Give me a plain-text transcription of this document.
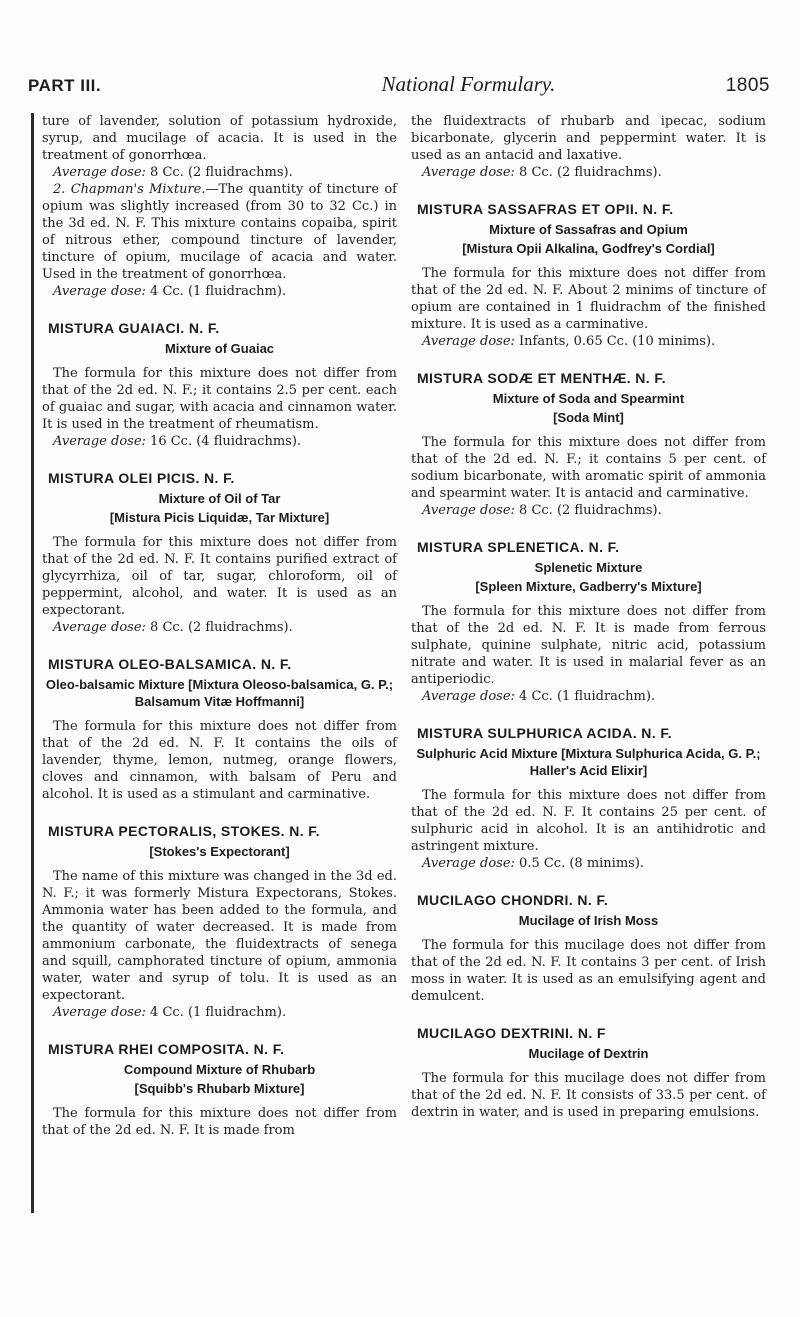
PART III.	National Formulary.	1805

ture of lavender, solution of potassium hydroxide, syrup, and mucilage of acacia. It is used in the treatment of gonorrhœa.

Average dose: 8 Cc. (2 fluidrachms).

2. Chapman's Mixture.—The quantity of tincture of opium was slightly increased (from 30 to 32 Cc.) in the 3d ed. N. F. This mixture contains copaiba, spirit of nitrous ether, compound tincture of lavender, tincture of opium, mucilage of acacia and water. Used in the treatment of gonorrhœa.

Average dose: 4 Cc. (1 fluidrachm).
MISTURA GUAIACI. N. F.
Mixture of Guaiac

The formula for this mixture does not differ from that of the 2d ed. N. F.; it contains 2.5 per cent. each of guaiac and sugar, with acacia and cinnamon water. It is used in the treatment of rheumatism.

Average dose: 16 Cc. (4 fluidrachms).
MISTURA OLEI PICIS. N. F.
Mixture of Oil of Tar
[Mistura Picis Liquidæ, Tar Mixture]

The formula for this mixture does not differ from that of the 2d ed. N. F. It contains purified extract of glycyrrhiza, oil of tar, sugar, chloroform, oil of peppermint, alcohol, and water. It is used as an expectorant.

Average dose: 8 Cc. (2 fluidrachms).
MISTURA OLEO-BALSAMICA. N. F.
Oleo-balsamic Mixture [Mixtura Oleoso-balsamica, G. P.; Balsamum Vitæ Hoffmanni]

The formula for this mixture does not differ from that of the 2d ed. N. F. It contains the oils of lavender, thyme, lemon, nutmeg, orange flowers, cloves and cinnamon, with balsam of Peru and alcohol. It is used as a stimulant and carminative.

MISTURA PECTORALIS, STOKES. N. F.
[Stokes's Expectorant]

The name of this mixture was changed in the 3d ed. N. F.; it was formerly Mistura Expectorans, Stokes. Ammonia water has been added to the formula, and the quantity of water decreased. It is made from ammonium carbonate, the fluidextracts of senega and squill, camphorated tincture of opium, ammonia water, water and syrup of tolu. It is used as an expectorant.

Average dose: 4 Cc. (1 fluidrachm).
MISTURA RHEI COMPOSITA. N. F.
Compound Mixture of Rhubarb
[Squibb's Rhubarb Mixture]

The formula for this mixture does not differ from that of the 2d ed. N. F. It is made from

the fluidextracts of rhubarb and ipecac, sodium bicarbonate, glycerin and peppermint water. It is used as an antacid and laxative.

Average dose: 8 Cc. (2 fluidrachms).
MISTURA SASSAFRAS ET OPII. N. F.
Mixture of Sassafras and Opium
[Mistura Opii Alkalina, Godfrey's Cordial]

The formula for this mixture does not differ from that of the 2d ed. N. F. About 2 minims of tincture of opium are contained in 1 fluidrachm of the finished mixture. It is used as a carminative.

Average dose: Infants, 0.65 Cc. (10 minims).
MISTURA SODÆ ET MENTHÆ. N. F.
Mixture of Soda and Spearmint
[Soda Mint]

The formula for this mixture does not differ from that of the 2d ed. N. F.; it contains 5 per cent. of sodium bicarbonate, with aromatic spirit of ammonia and spearmint water. It is antacid and carminative.

Average dose: 8 Cc. (2 fluidrachms).
MISTURA SPLENETICA. N. F.
Splenetic Mixture
[Spleen Mixture, Gadberry's Mixture]

The formula for this mixture does not differ from that of the 2d ed. N. F. It is made from ferrous sulphate, quinine sulphate, nitric acid, potassium nitrate and water. It is used in malarial fever as an antiperiodic.

Average dose: 4 Cc. (1 fluidrachm).
MISTURA SULPHURICA ACIDA. N. F.
Sulphuric Acid Mixture [Mixtura Sulphurica Acida, G. P.; Haller's Acid Elixir]

The formula for this mixture does not differ from that of the 2d ed. N. F. It contains 25 per cent. of sulphuric acid in alcohol. It is an antihidrotic and astringent mixture.

Average dose: 0.5 Cc. (8 minims).
MUCILAGO CHONDRI. N. F.
Mucilage of Irish Moss

The formula for this mucilage does not differ from that of the 2d ed. N. F. It contains 3 per cent. of Irish moss in water. It is used as an emulsifying agent and demulcent.

MUCILAGO DEXTRINI. N. F
Mucilage of Dextrin

The formula for this mucilage does not differ from that of the 2d ed. N. F. It consists of 33.5 per cent. of dextrin in water, and is used in preparing emulsions.
